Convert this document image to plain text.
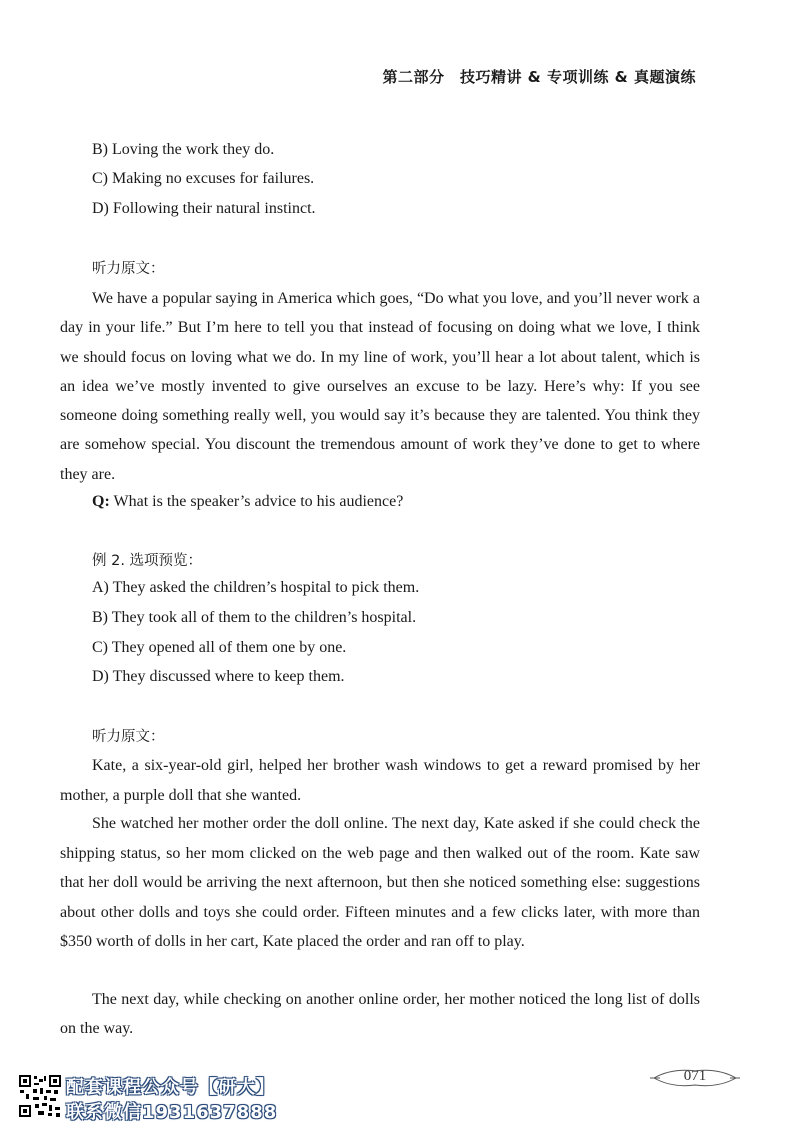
第二部分　技巧精讲 & 专项训练 & 真题演练
B) Loving the work they do.
C) Making no excuses for failures.
D) Following their natural instinct.
听力原文：
We have a popular saying in America which goes, “Do what you love, and you’ll never work a day in your life.” But I’m here to tell you that instead of focusing on doing what we love, I think we should focus on loving what we do. In my line of work, you’ll hear a lot about talent, which is an idea we’ve mostly invented to give ourselves an excuse to be lazy. Here’s why: If you see someone doing something really well, you would say it’s because they are talented. You think they are somehow special. You discount the tremendous amount of work they’ve done to get to where they are.
Q: What is the speaker’s advice to his audience?
例 2. 选项预览：
A) They asked the children’s hospital to pick them.
B) They took all of them to the children’s hospital.
C) They opened all of them one by one.
D) They discussed where to keep them.
听力原文：
Kate, a six-year-old girl, helped her brother wash windows to get a reward promised by her mother, a purple doll that she wanted.
She watched her mother order the doll online. The next day, Kate asked if she could check the shipping status, so her mom clicked on the web page and then walked out of the room. Kate saw that her doll would be arriving the next afternoon, but then she noticed something else: suggestions about other dolls and toys she could order. Fifteen minutes and a few clicks later, with more than $350 worth of dolls in her cart, Kate placed the order and ran off to play.
The next day, while checking on another online order, her mother noticed the long list of dolls on the way.
071
配套课程公众号【研大】
联系微信1931637888
